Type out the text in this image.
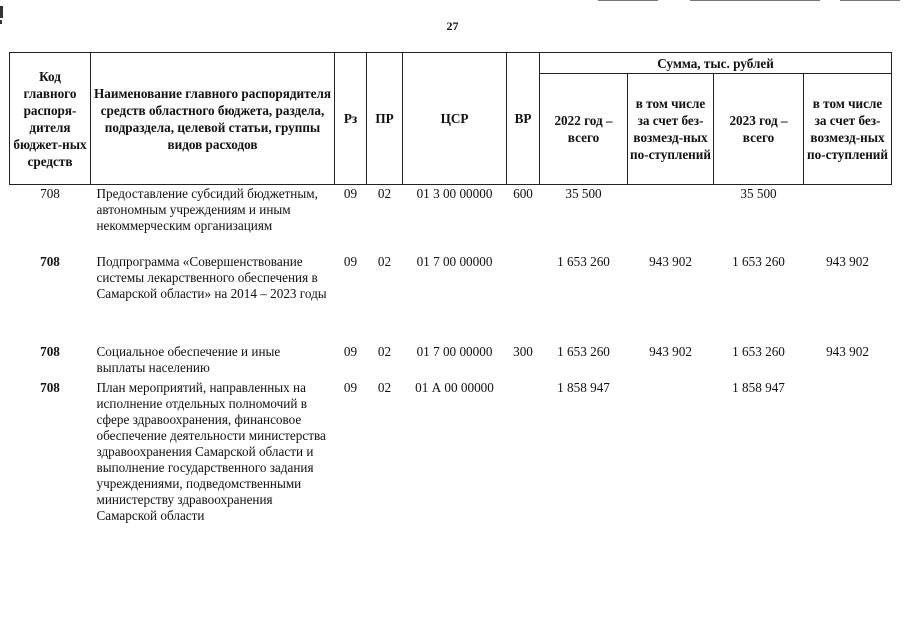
27
Код главного распоря-дителя бюджет-ных средств	Наименование главного распорядителя средств областного бюджета, раздела, подраздела, целевой статьи, группы видов расходов	Рз	ПР	ЦСР	ВР	Сумма, тыс. рублей			
						2022 год – всего	в том числе за счет без-возмезд-ных по-ступлений	2023 год – всего	в том числе за счет без-возмезд-ных по-ступлений
708	Предоставление субсидий бюджетным, автономным учреждениям и иным некоммерческим организациям	09	02	01 3 00 00000	600	35 500		35 500	
708	Подпрограмма «Совершенствование системы лекарственного обеспечения в Самарской области» на 2014 – 2023 годы	09	02	01 7 00 00000		1 653 260	943 902	1 653 260	943 902
708	Социальное обеспечение и иные выплаты населению	09	02	01 7 00 00000	300	1 653 260	943 902	1 653 260	943 902
708	План мероприятий, направленных на исполнение отдельных полномочий в сфере здравоохранения, финансовое обеспечение деятельности министерства здравоохранения Самарской области и выполнение государственного задания учреждениями, подведомственными министерству здравоохранения Самарской области	09	02	01 А 00 00000		1 858 947		1 858 947	
